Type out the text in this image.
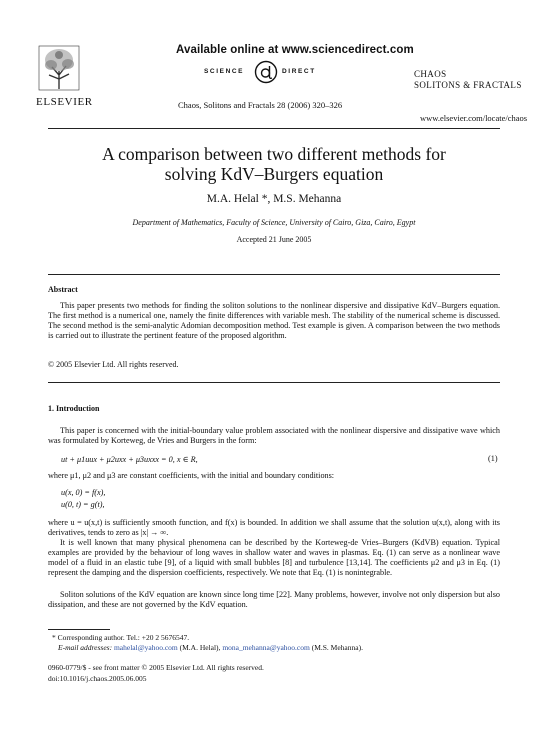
ELSEVIER
Available online at www.sciencedirect.com
SCIENCE	DIRECT
Chaos, Solitons and Fractals 28 (2006) 320–326
CHAOS
SOLITONS & FRACTALS
www.elsevier.com/locate/chaos
A comparison between two different methods for
solving KdV–Burgers equation
M.A. Helal *, M.S. Mehanna
Department of Mathematics, Faculty of Science, University of Cairo, Giza, Cairo, Egypt
Accepted 21 June 2005
Abstract
This paper presents two methods for finding the soliton solutions to the nonlinear dispersive and dissipative KdV–Burgers equation. The first method is a numerical one, namely the finite differences with variable mesh. The stability of the numerical scheme is discussed. The second method is the semi-analytic Adomian decomposition method. Test example is given. A comparison between the two methods is carried out to illustrate the pertinent feature of the proposed algorithm.
© 2005 Elsevier Ltd. All rights reserved.
1. Introduction
This paper is concerned with the initial-boundary value problem associated with the nonlinear dispersive and dissipative wave which was formulated by Korteweg, de Vries and Burgers in the form:
ut + μ1uux + μ2uxx + μ3uxxx = 0, x ∈ R,	(1)
where μ1, μ2 and μ3 are constant coefficients, with the initial and boundary conditions:
u(x, 0) = f(x),
u(0, t) = g(t),
where u = u(x,t) is sufficiently smooth function, and f(x) is bounded. In addition we shall assume that the solution u(x,t), along with its derivatives, tends to zero as |x| → ∞.
It is well known that many physical phenomena can be described by the Korteweg-de Vries–Burgers (KdVB) equation. Typical examples are provided by the behaviour of long waves in shallow water and waves in plasmas. Eq. (1) can serve as a nonlinear wave model of a fluid in an elastic tube [9], of a liquid with small bubbles [8] and turbulence [13,14]. The coefficients μ2 and μ3 in Eq. (1) represent the damping and the dispersion coefficients, respectively. We note that Eq. (1) is nonintegrable.
Soliton solutions of the KdV equation are known since long time [22]. Many problems, however, involve not only dispersion but also dissipation, and these are not governed by the KdV equation.
* Corresponding author. Tel.: +20 2 5676547.
E-mail addresses: mahelal@yahoo.com (M.A. Helal), mona_mehanna@yahoo.com (M.S. Mehanna).
0960-0779/$ - see front matter © 2005 Elsevier Ltd. All rights reserved.
doi:10.1016/j.chaos.2005.06.005
